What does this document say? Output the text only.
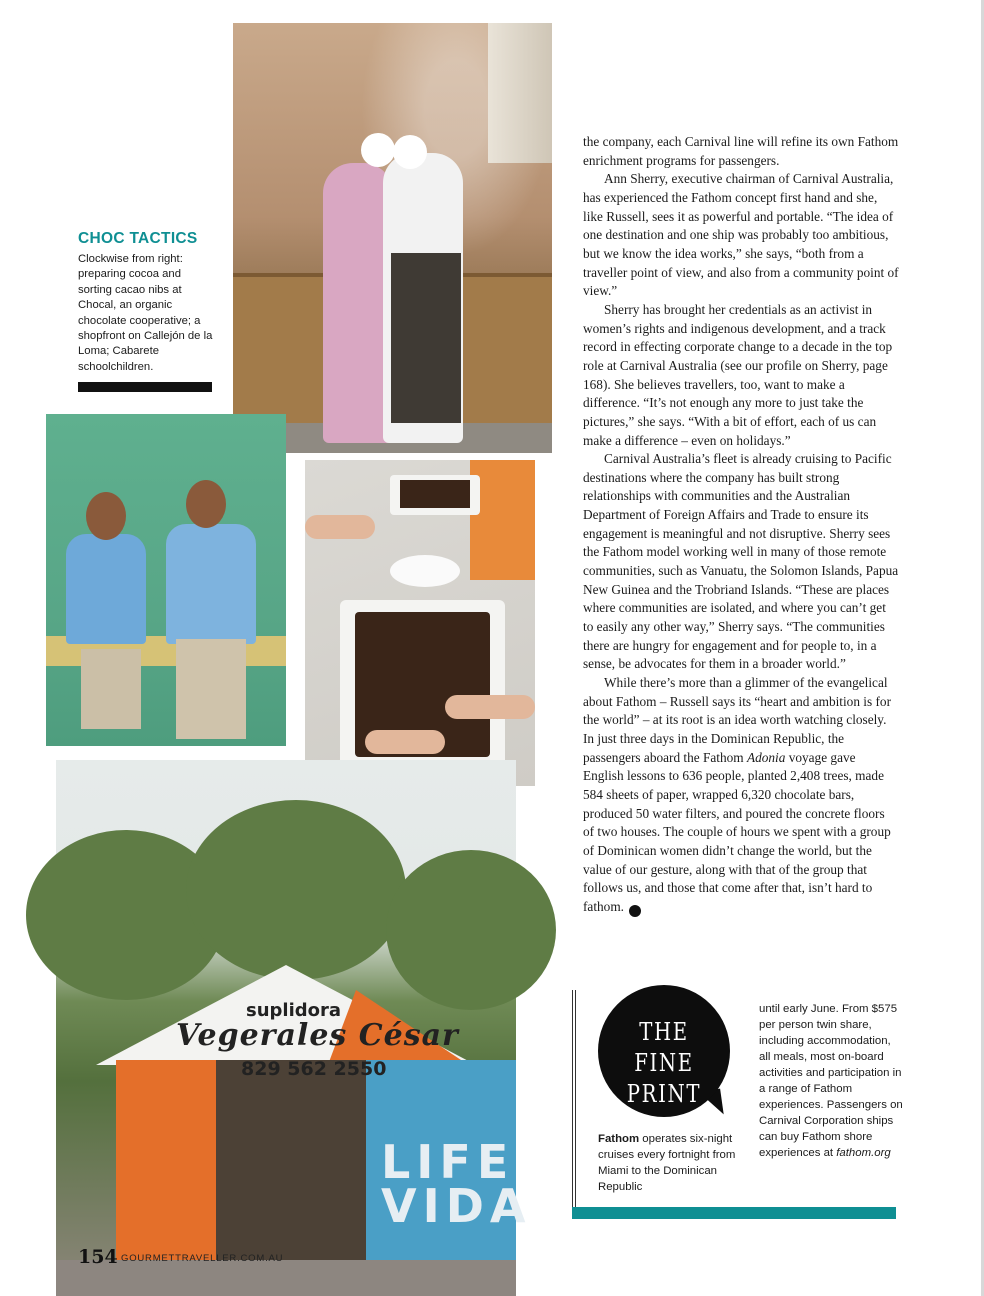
suplidora
Vegerales César
829 562 2550
LIFE VIDA
CHOC TACTICS

Clockwise from right: preparing cocoa and sorting cacao nibs at Chocal, an organic chocolate cooperative; a shopfront on Callejón de la Loma; Cabarete schoolchildren.

the company, each Carnival line will refine its own Fathom enrichment programs for passengers.

Ann Sherry, executive chairman of Carnival Australia, has experienced the Fathom concept first hand and she, like Russell, sees it as powerful and portable. “The idea of one destination and one ship was probably too ambitious, but we know the idea works,” she says, “both from a traveller point of view, and also from a community point of view.”

Sherry has brought her credentials as an activist in women’s rights and indigenous development, and a track record in effecting corporate change to a decade in the top role at Carnival Australia (see our profile on Sherry, page 168). She believes travellers, too, want to make a difference. “It’s not enough any more to just take the pictures,” she says. “With a bit of effort, each of us can make a difference – even on holidays.”

Carnival Australia’s fleet is already cruising to Pacific destinations where the company has built strong relationships with communities and the Australian Department of Foreign Affairs and Trade to ensure its engagement is meaningful and not disruptive. Sherry sees the Fathom model working well in many of those remote communities, such as Vanuatu, the Solomon Islands, Papua New Guinea and the Trobriand Islands. “These are places where communities are isolated, and where you can’t get to easily any other way,” Sherry says. “The communities there are hungry for engagement and for people to, in a sense, be advocates for them in a broader world.”

While there’s more than a glimmer of the evangelical about Fathom – Russell says its “heart and ambition is for the world” – at its root is an idea worth watching closely. In just three days in the Dominican Republic, the passengers aboard the Fathom Adonia voyage gave English lessons to 636 people, planted 2,408 trees, made 584 sheets of paper, wrapped 6,320 chocolate bars, produced 50 water filters, and poured the concrete floors of two houses. The couple of hours we spent with a group of Dominican women didn’t change the world, but the value of our gesture, along with that of the group that follows us, and those that come after that, isn’t hard to fathom.	GT

THE FINE
PRINT
Fathom operates six-night cruises every fortnight from Miami to the Dominican Republic
until early June. From $575 per person twin share, including accommodation, all meals, most on-board activities and participation in a range of Fathom experiences. Passengers on Carnival Corporation ships can buy Fathom shore experiences at fathom.org
154 GOURMETTRAVELLER.COM.AU
